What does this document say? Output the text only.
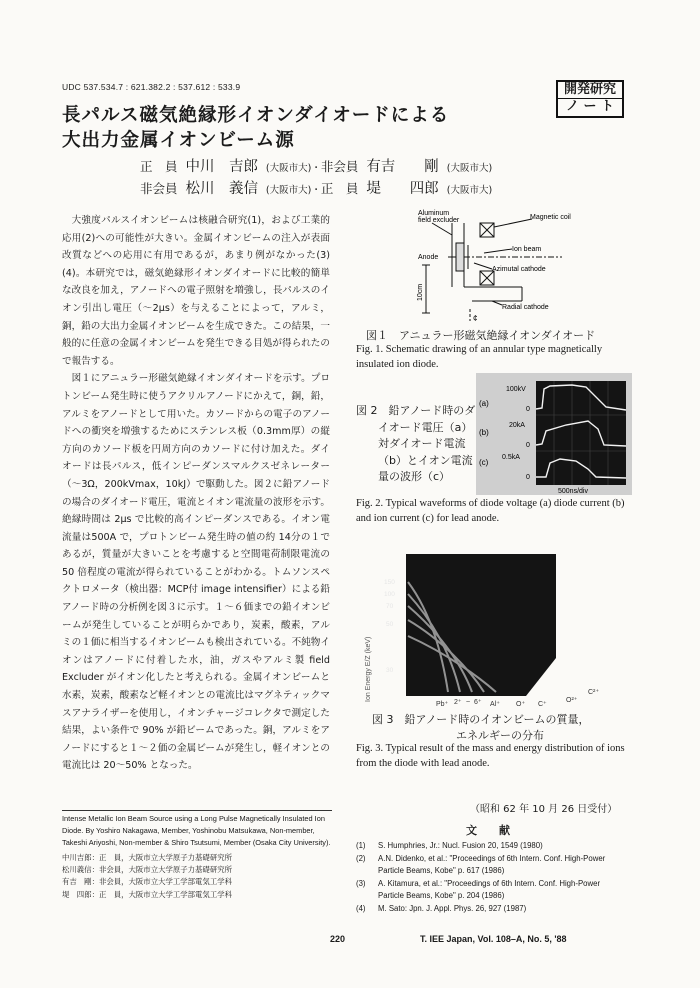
UDC 537.534.7 : 621.382.2 : 537.612 : 533.9
長パルス磁気絶縁形イオンダイオードによる
大出力金属イオンビーム源
開発研究
ノ ー ト
正　員 中川　吉郎 (大阪市大)・非会員 有吉　　剛 (大阪市大)
非会員 松川　義信 (大阪市大)・正　員 堤　　四郎 (大阪市大)

大強度パルスイオンビームは核融合研究(1)，および工業的応用(2)への可能性が大きい。金属イオンビームの注入が表面改質などへの応用に有用であるが，あまり例がなかった(3)(4)。本研究では，磁気絶縁形イオンダイオードに比較的簡単な改良を加え，アノードへの電子照射を増強し，長パルスのイオン引出し電圧（～2μs）を与えることによって，アルミ，銅，鉛の大出力金属イオンビームを生成できた。この結果，一般的に任意の金属イオンビームを発生できる目処が得られたので報告する。

図１にアニュラー形磁気絶縁イオンダイオードを示す。プロトンビーム発生時に使うアクリルアノードにかえて，銅，鉛，アルミをアノードとして用いた。カソードからの電子のアノードへの衝突を増強するためにステンレス板（0.3mm厚）の縦方向のカソード板を円周方向のカソードに付け加えた。ダイオードは長パルス，低インピーダンスマルクスゼネレーター（～3Ω，200kVmax，10kJ）で駆動した。図２に鉛アノードの場合のダイオード電圧，電流とイオン電流量の波形を示す。絶縁時間は 2μs で比較的高インピーダンスである。イオン電流量は500A で，プロトンビーム発生時の値の約 14分の１であるが，質量が大きいことを考慮すると空間電荷制限電流の 50 倍程度の電流が得られていることがわかる。トムソンスペクトロメータ（検出器：MCP付 image intensifier）による鉛アノード時の分析例を図３に示す。１～６価までの鉛イオンビームが発生していることが明らかであり，炭素，酸素，アルミの１価に相当するイオンビームも検出されている。不純物イオンはアノードに付着した水，油，ガスやアルミ製 field Excluder がイオン化したと考えられる。金属イオンビームと水素，炭素，酸素など軽イオンとの電流比はマグネティックマスアナライザーを使用し，イオンチャージコレクタで測定した結果，よい条件で 90% が鉛ビームであった。銅，アルミをアノードにすると１～２価の金属ビームが発生し，軽イオンとの電流比は 20～50% となった。

Intense Metallic Ion Beam Source using a Long Pulse Magnetically Insulated Ion Diode. By Yoshiro Nakagawa, Member, Yoshinobu Matsukawa, Non-member, Takeshi Ariyoshi, Non-member & Shiro Tsutsumi, Member (Osaka City University).
中川吉郎：正　員，大阪市立大学原子力基礎研究所
松川義信：非会員，大阪市立大学原子力基礎研究所
有吉　剛：非会員，大阪市立大学工学部電気工学科
堤　四郎：正　員，大阪市立大学工学部電気工学科
Aluminum
field excluder	Magnetic coil
Ion beam
Anode
Azimutal cathode
Radial cathode
10cm
¢
図１　アニュラー形磁気絶縁イオンダイオード
Fig. 1. Schematic drawing of an annular type magnetically insulated ion diode.
図 2　鉛アノード時のダ
イオード電圧（a）
対ダイオード電流
（b）とイオン電流
量の波形（c）
(a)
(b)
(c)
100kV
0
20kA
0
0.5kA
0
500ns/div
Fig. 2. Typical waveforms of diode voltage (a) diode current (b) and ion current (c) for lead anode.
150
100
70
50
30
Ion Energy E/Z (keV)
Pb⁺ 2⁺ ~ 6⁺ Al⁺ O⁺ C⁺
O²⁺
C²⁺
図 3　鉛アノード時のイオンビームの質量，
エネルギーの分布
Fig. 3. Typical result of the mass and energy distribution of ions from the diode with lead anode.
（昭和 62 年 10 月 26 日受付）
文　　献
(1)	S. Humphries, Jr.: Nucl. Fusion 20, 1549 (1980)
(2)	A.N. Didenko, et al.: "Proceedings of 6th Intern. Conf. High-Power Particle Beams, Kobe" p. 617 (1986)
(3)	A. Kitamura, et al.: "Proceedings of 6th Intern. Conf. High-Power Particle Beams, Kobe" p. 204 (1986)
(4)	M. Sato: Jpn. J. Appl. Phys. 26, 927 (1987)
220	T. IEE Japan, Vol. 108–A, No. 5, '88
